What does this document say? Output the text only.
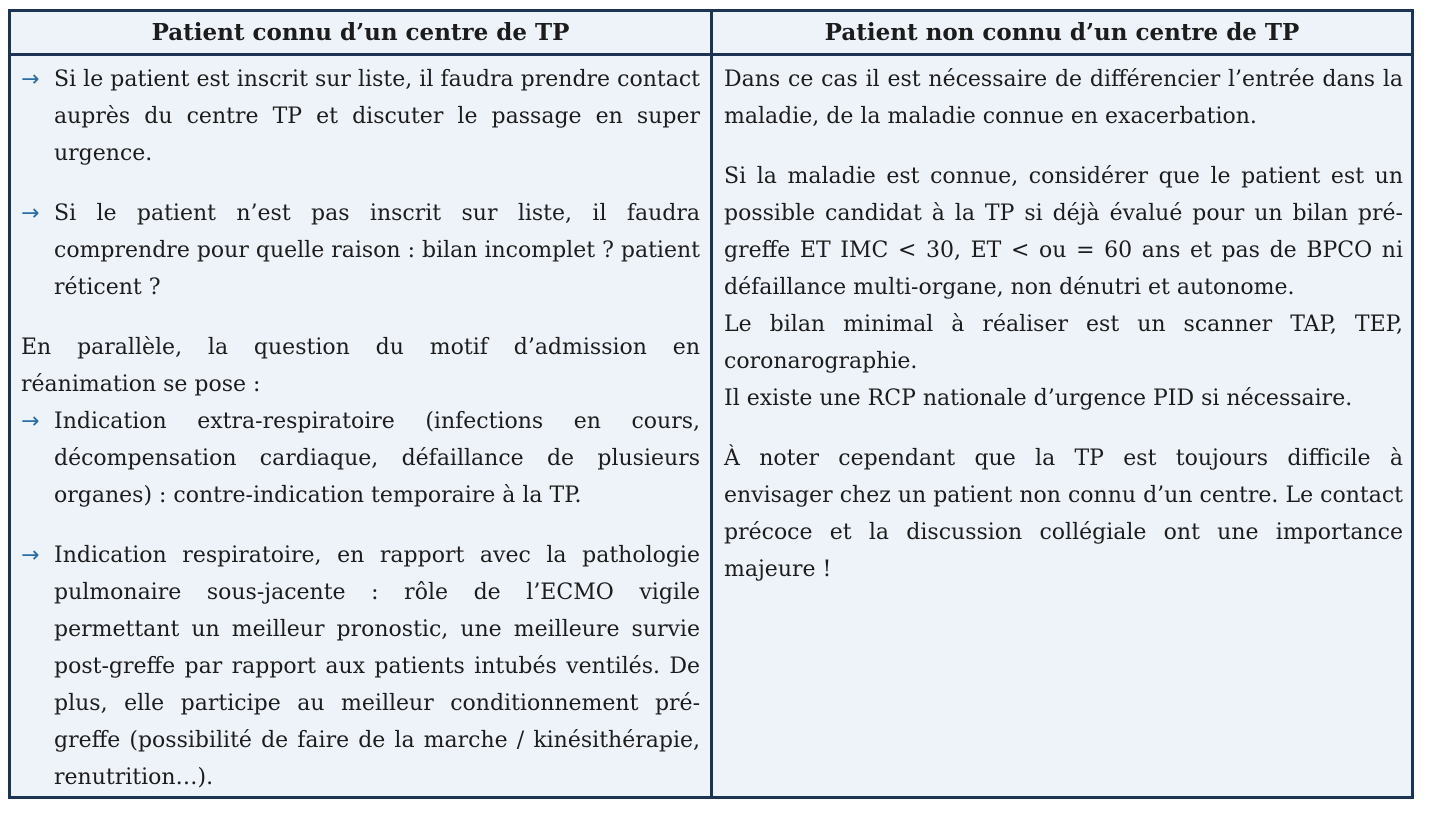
Patient connu d’un centre de TP	Patient non connu d’un centre de TP
→ Si le patient est inscrit sur liste, il faudra prendre contact auprès du centre TP et discuter le passage en super urgence.

→ Si le patient n’est pas inscrit sur liste, il faudra comprendre pour quelle raison : bilan incomplet ? patient réticent ?

En parallèle, la question du motif d’admission en réanimation se pose :

→ Indication extra-respiratoire (infections en cours, décompensation cardiaque, défaillance de plusieurs organes) : contre-indication temporaire à la TP.

→ Indication respiratoire, en rapport avec la pathologie pulmonaire sous-jacente : rôle de l’ECMO vigile permettant un meilleur pronostic, une meilleure survie post-greffe par rapport aux patients intubés ventilés. De plus, elle participe au meilleur conditionnement pré-greffe (possibilité de faire de la marche / kinésithérapie, renutrition…).

Dans ce cas il est nécessaire de différencier l’entrée dans la maladie, de la maladie connue en exacerbation.

Si la maladie est connue, considérer que le patient est un possible candidat à la TP si déjà évalué pour un bilan pré-greffe ET IMC < 30, ET < ou = 60 ans et pas de BPCO ni défaillance multi-organe, non dénutri et autonome.

Le bilan minimal à réaliser est un scanner TAP, TEP, coronarographie.

Il existe une RCP nationale d’urgence PID si nécessaire.

À noter cependant que la TP est toujours difficile à envisager chez un patient non connu d’un centre. Le contact précoce et la discussion collégiale ont une importance majeure !
